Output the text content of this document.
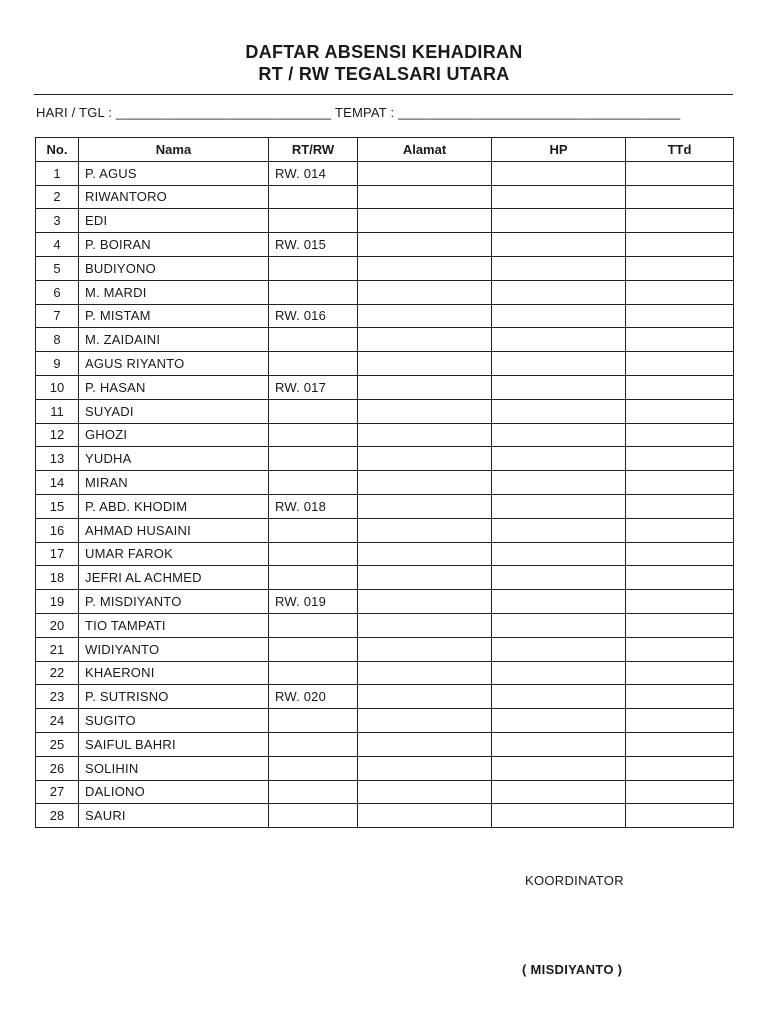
DAFTAR ABSENSI KEHADIRAN
RT / RW TEGALSARI UTARA
HARI / TGL : _____________________________ TEMPAT : ______________________________________
No.	Nama	RT/RW	Alamat	HP	TTd
1	P. AGUS	RW. 014			
2	RIWANTORO				
3	EDI				
4	P. BOIRAN	RW. 015			
5	BUDIYONO				
6	M. MARDI				
7	P. MISTAM	RW. 016			
8	M. ZAIDAINI				
9	AGUS RIYANTO				
10	P. HASAN	RW. 017			
11	SUYADI				
12	GHOZI				
13	YUDHA				
14	MIRAN				
15	P. ABD. KHODIM	RW. 018			
16	AHMAD HUSAINI				
17	UMAR FAROK				
18	JEFRI AL ACHMED				
19	P. MISDIYANTO	RW. 019			
20	TIO TAMPATI				
21	WIDIYANTO				
22	KHAERONI				
23	P. SUTRISNO	RW. 020			
24	SUGITO				
25	SAIFUL BAHRI				
26	SOLIHIN				
27	DALIONO				
28	SAURI				
KOORDINATOR
( MISDIYANTO )
